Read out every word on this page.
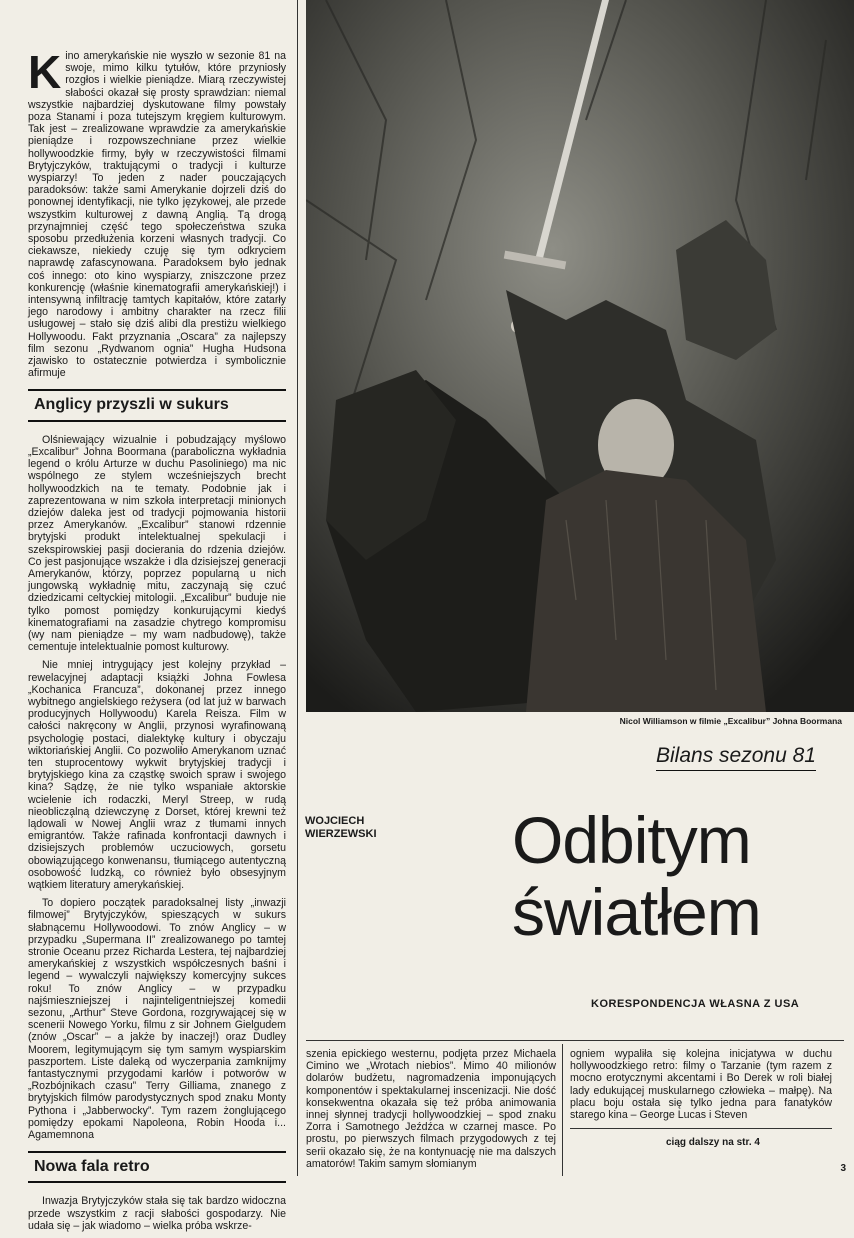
Kino amerykańskie nie wyszło w sezonie 81 na swoje, mimo kilku tytułów, które przyniosły rozgłos i wielkie pieniądze. Miarą rzeczywistej słabości okazał się prosty sprawdzian: niemal wszystkie najbardziej dyskutowane filmy powstały poza Stanami i poza tutejszym kręgiem kulturowym. Tak jest – zrealizowane wprawdzie za amerykańskie pieniądze i rozpowszechniane przez wielkie hollywoodzkie firmy, były w rzeczywistości filmami Brytyjczyków, traktującymi o tradycji i kulturze wyspiarzy! To jeden z nader pouczających paradoksów: także sami Amerykanie dojrzeli dziś do ponownej identyfikacji, nie tylko językowej, ale przede wszystkim kulturowej z dawną Anglią. Tą drogą przynajmniej część tego społeczeństwa szuka sposobu przedłużenia korzeni własnych tradycji. Co ciekawsze, niekiedy czuję się tym odkryciem naprawdę zafascynowana. Paradoksem było jednak coś innego: oto kino wyspiarzy, zniszczone przez konkurencję (właśnie kinematografii amerykańskiej!) i intensywną infiltrację tamtych kapitałów, które zatarły jego narodowy i ambitny charakter na rzecz filii usługowej – stało się dziś alibi dla prestiżu wielkiego Hollywoodu. Fakt przyznania „Oscara” za najlepszy film sezonu „Rydwanom ognia” Hugha Hudsona zjawisko to ostatecznie potwierdza i symbolicznie afirmuje

Anglicy przyszli w sukurs

Olśniewający wizualnie i pobudzający myślowo „Excalibur” Johna Boormana (paraboliczna wykładnia legend o królu Arturze w duchu Pasoliniego) ma nic wspólnego ze stylem wcześniejszych brecht hollywoodzkich na te tematy. Podobnie jak i zaprezentowana w nim szkoła interpretacji minionych dziejów daleka jest od tradycji pojmowania historii przez Amerykanów. „Excalibur” stanowi rdzennie brytyjski produkt intelektualnej spekulacji i szekspirowskiej pasji docierania do rdzenia dziejów. Co jest pasjonujące wszakże i dla dzisiejszej generacji Amerykanów, którzy, poprzez popularną u nich jungowską wykładnię mitu, zaczynają się czuć dziedzicami celtyckiej mitologii. „Excalibur” buduje nie tylko pomost pomiędzy konkurującymi kiedyś kinematografiami na zasadzie chytrego kompromisu (wy nam pieniądze – my wam nadbudowę), także cementuje intelektualnie pomost kulturowy.

Nie mniej intrygujący jest kolejny przykład – rewelacyjnej adaptacji książki Johna Fowlesa „Kochanica Francuza”, dokonanej przez innego wybitnego angielskiego reżysera (od lat już w barwach producyjnych Hollywoodu) Karela Reisza. Film w całości nakręcony w Anglii, przynosi wyrafinowaną psychologię postaci, dialektykę kultury i obyczaju wiktoriańskiej Anglii. Co pozwoliło Amerykanom uznać ten stuprocentowy wykwit brytyjskiej tradycji i brytyjskiego kina za cząstkę swoich spraw i swojego kina? Sądzę, że nie tylko wspaniałe aktorskie wcielenie ich rodaczki, Meryl Streep, w rudą nieoblicza̧lną dziewczynę z Dorset, której krewni też lądowali w Nowej Anglii wraz z tłumami innych emigrantów. Także rafinada konfrontacji dawnych i dzisiejszych problemów uczuciowych, gorsetu obowiązującego konwenansu, tłumiącego autentyczną osobowość ludzką, co również było obsesyjnym wątkiem literatury amerykańskiej.

To dopiero początek paradoksalnej listy „inwazji filmowej” Brytyjczyków, spieszących w sukurs słabnącemu Hollywoodowi. To znów Anglicy – w przypadku „Supermana II” zrealizowanego po tamtej stronie Oceanu przez Richarda Lestera, tej najbardziej amerykańskiej z wszystkich współczesnych baśni i legend – wywalczyli największy komercyjny sukces roku! To znów Anglicy – w przypadku najśmieszniejszej i najinteligentniejszej komedii sezonu, „Arthur” Steve Gordona, rozgrywającej się w scenerii Nowego Yorku, filmu z sir Johnem Gielgudem (znów „Oscar” – a jakże by inaczej!) oraz Dudley Moorem, legitymującym się tym samym wyspiarskim paszportem. Liste daleką od wyczerpania zamknijmy fantastycznymi przygodami karłów i potworów w „Rozbójnikach czasu” Terry Gilliama, znanego z brytyjskich filmów parodystycznych spod znaku Monty Pythona i „Jabberwocky”. Tym razem żonglującego pomiędzy epokami Napoleona, Robin Hooda i... Agamemnona

Nowa fala retro

Inwazja Brytyjczyków stała się tak bardzo widoczna przede wszystkim z racji słabości gospodarzy. Nie udała się – jak wiadomo – wielka próba wskrze-

Nicol Williamson w filmie „Excalibur” Johna Boormana
Bilans sezonu 81
WOJCIECH
WIERZEWSKI	Odbitym
światłem
KORESPONDENCJA WŁASNA Z USA

szenia epickiego westernu, podjęta przez Michaela Cimino we „Wrotach niebios”. Mimo 40 milionów dolarów budżetu, nagromadzenia imponujących komponentów i spektakularnej inscenizacji. Nie dość konsekwentna okazała się też próba animowania innej słynnej tradycji hollywoodzkiej – spod znaku Zorra i Samotnego Jeźdźca w czarnej masce. Po prostu, po pierwszych filmach przygodowych z tej serii okazało się, że na kontynuację nie ma dalszych amatorów! Takim samym słomianym

ogniem wypaliła się kolejna inicjatywa w duchu hollywoodzkiego retro: filmy o Tarzanie (tym razem z mocno erotycznymi akcentami i Bo Derek w roli białej lady edukującej muskularnego człowieka – małpę). Na placu boju ostała się tylko jedna para fanatyków starego kina – George Lucas i Steven

ciąg dalszy na str. 4
3
